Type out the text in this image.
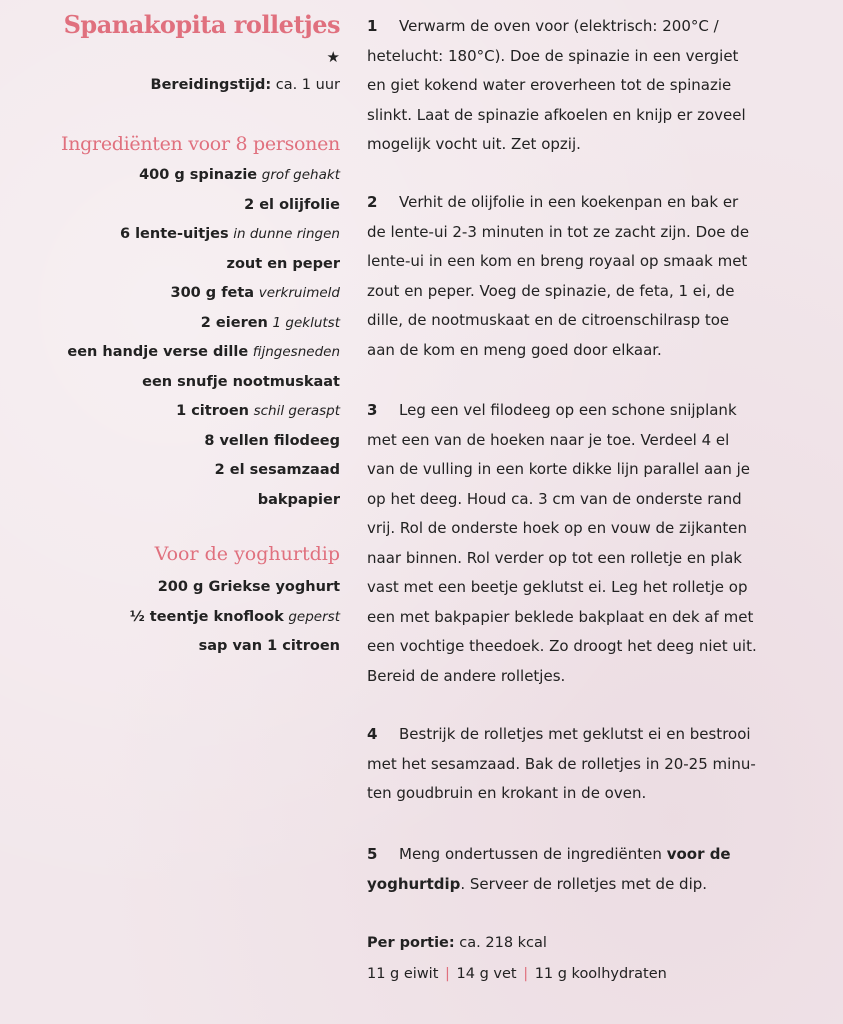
Spanakopita rolletjes
★
Bereidingstijd: ca. 1 uur
Ingrediënten voor 8 personen
400 g spinazie grof gehakt
2 el olijfolie
6 lente-uitjes in dunne ringen
zout en peper
300 g feta verkruimeld
2 eieren 1 geklutst
een handje verse dille fijngesneden
een snufje nootmuskaat
1 citroen schil geraspt
8 vellen filodeeg
2 el sesamzaad
bakpapier
Voor de yoghurtdip
200 g Griekse yoghurt
½ teentje knoflook geperst
sap van 1 citroen
1 Verwarm de oven voor (elektrisch: 200°C /
hetelucht: 180°C). Doe de spinazie in een vergiet
en giet kokend water eroverheen tot de spinazie
slinkt. Laat de spinazie afkoelen en knijp er zoveel
mogelijk vocht uit. Zet opzij.
2 Verhit de olijfolie in een koekenpan en bak er
de lente-ui 2-3 minuten in tot ze zacht zijn. Doe de
lente-ui in een kom en breng royaal op smaak met
zout en peper. Voeg de spinazie, de feta, 1 ei, de
dille, de nootmuskaat en de citroenschilrasp toe
aan de kom en meng goed door elkaar.
3 Leg een vel filodeeg op een schone snijplank
met een van de hoeken naar je toe. Verdeel 4 el
van de vulling in een korte dikke lijn parallel aan je
op het deeg. Houd ca. 3 cm van de onderste rand
vrij. Rol de onderste hoek op en vouw de zijkanten
naar binnen. Rol verder op tot een rolletje en plak
vast met een beetje geklutst ei. Leg het rolletje op
een met bakpapier beklede bakplaat en dek af met
een vochtige theedoek. Zo droogt het deeg niet uit.
Bereid de andere rolletjes.
4 Bestrijk de rolletjes met geklutst ei en bestrooi
met het sesamzaad. Bak de rolletjes in 20-25 minu-
ten goudbruin en krokant in de oven.
5 Meng ondertussen de ingrediënten voor de
yoghurtdip. Serveer de rolletjes met de dip.
Per portie: ca. 218 kcal
11 g eiwit | 14 g vet | 11 g koolhydraten
